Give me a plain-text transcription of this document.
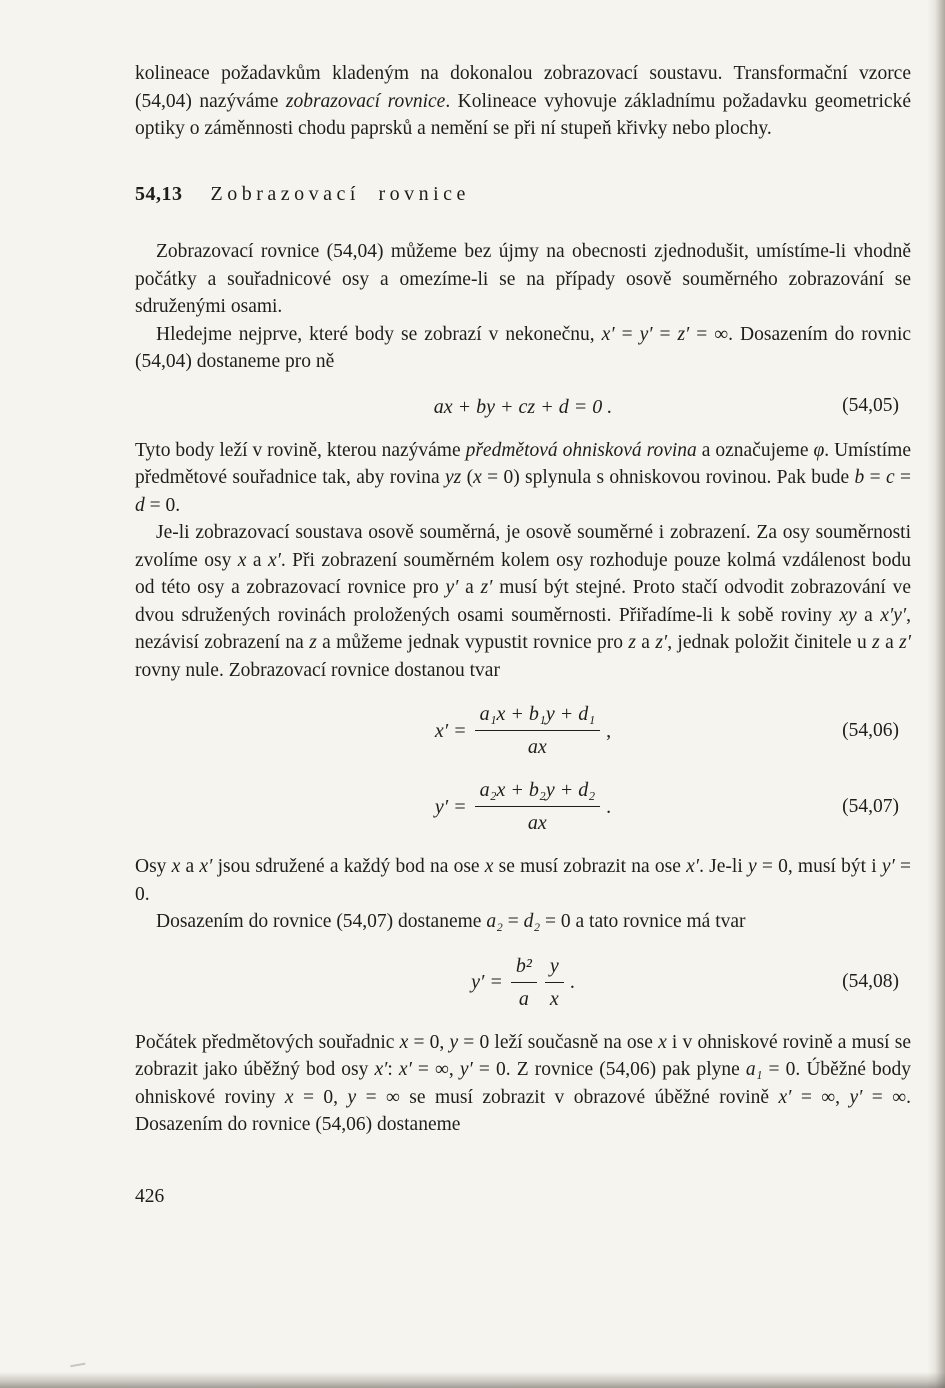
kolineace požadavkům kladeným na dokonalou zobrazovací soustavu. Transformační vzorce (54,04) nazýváme zobrazovací rovnice. Kolineace vyhovuje základnímu požadavku geometrické optiky o záměnnosti chodu paprsků a nemění se při ní stupeň křivky nebo plochy.

54,13 Zobrazovací rovnice

Zobrazovací rovnice (54,04) můžeme bez újmy na obecnosti zjednodušit, umístíme-li vhodně počátky a souřadnicové osy a omezíme-li se na případy osově souměrného zobrazování se sdruženými osami.

Hledejme nejprve, které body se zobrazí v nekonečnu, x′ = y′ = z′ = ∞. Dosazením do rovnic (54,04) dostaneme pro ně

ax + by + cz + d = 0 .	(54,05)

Tyto body leží v rovině, kterou nazýváme předmětová ohnisková rovina a označujeme φ. Umístíme předmětové souřadnice tak, aby rovina yz (x = 0) splynula s ohniskovou rovinou. Pak bude b = c = d = 0.

Je-li zobrazovací soustava osově souměrná, je osově souměrné i zobrazení. Za osy souměrnosti zvolíme osy x a x′. Při zobrazení souměrném kolem osy rozhoduje pouze kolmá vzdálenost bodu od této osy a zobrazovací rovnice pro y′ a z′ musí být stejné. Proto stačí odvodit zobrazování ve dvou sdružených rovinách proložených osami souměrnosti. Přiřadíme-li k sobě roviny xy a x′y′, nezávisí zobrazení na z a můžeme jednak vypustit rovnice pro z a z′, jednak položit činitele u z a z′ rovny nule. Zobrazovací rovnice dostanou tvar

$x' = \frac{\text{a₁x + b₁y + d₁}}{ax}$ ,	(54,06)
$y' = \frac{\text{a₂x + b₂y + d₂}}{ax}$ .	(54,07)

Osy x a x′ jsou sdružené a každý bod na ose x se musí zobrazit na ose x′. Je-li y = 0, musí být i y′ = 0.

Dosazením do rovnice (54,07) dostaneme a₂ = d₂ = 0 a tato rovnice má tvar

$y' = \frac{\text{b²}}{a} \frac{y}{x}$ .	(54,08)

Počátek předmětových souřadnic x = 0, y = 0 leží současně na ose x i v ohniskové rovině a musí se zobrazit jako úběžný bod osy x′: x′ = ∞, y′ = 0. Z rovnice (54,06) pak plyne a₁ = 0. Úběžné body ohniskové roviny x = 0, y = ∞ se musí zobrazit v obrazové úběžné rovině x′ = ∞, y′ = ∞. Dosazením do rovnice (54,06) dostaneme

426
